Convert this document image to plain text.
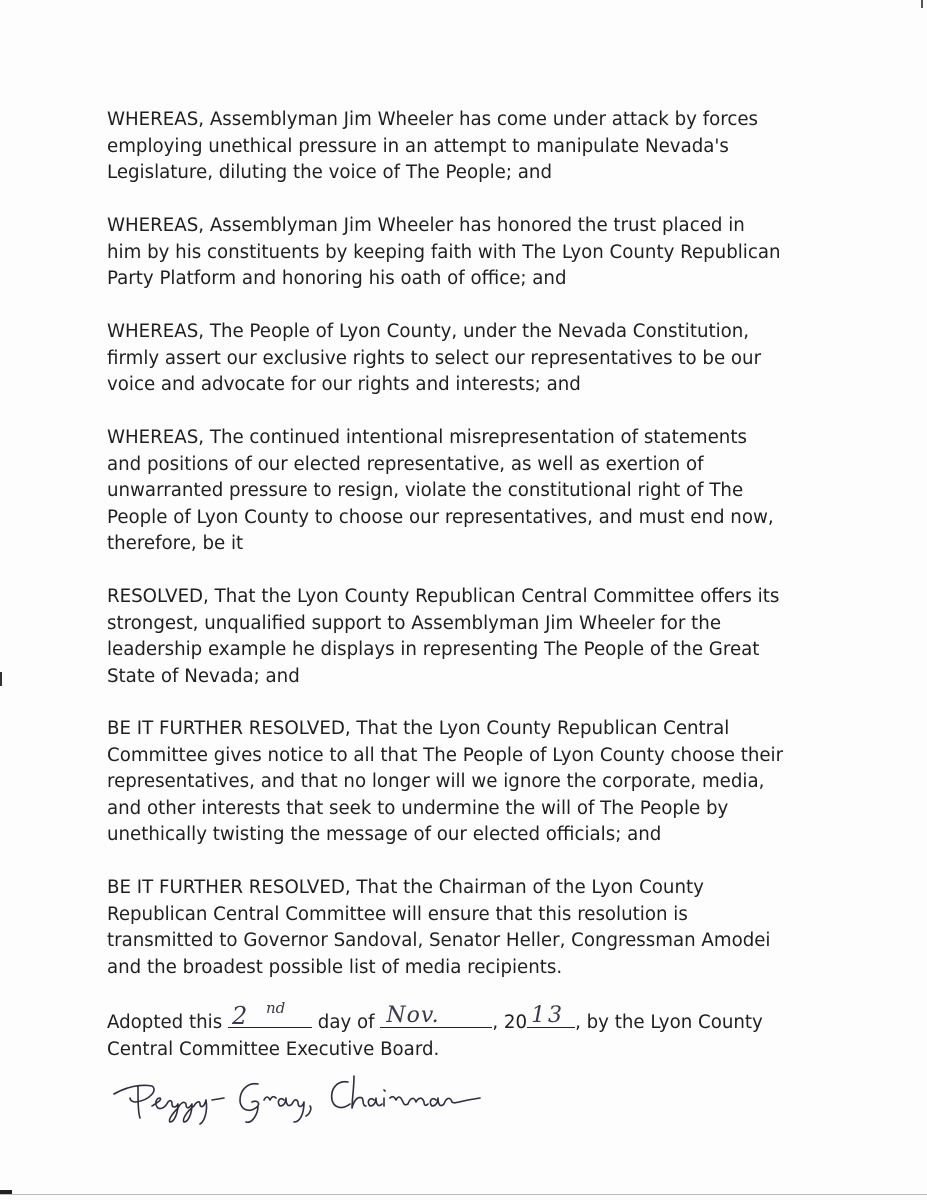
WHEREAS, Assemblyman Jim Wheeler has come under attack by forces
employing unethical pressure in an attempt to manipulate Nevada's
Legislature, diluting the voice of The People; and

WHEREAS, Assemblyman Jim Wheeler has honored the trust placed in
him by his constituents by keeping faith with The Lyon County Republican
Party Platform and honoring his oath of office; and

WHEREAS, The People of Lyon County, under the Nevada Constitution,
firmly assert our exclusive rights to select our representatives to be our
voice and advocate for our rights and interests; and

WHEREAS, The continued intentional misrepresentation of statements
and positions of our elected representative, as well as exertion of
unwarranted pressure to resign, violate the constitutional right of The
People of Lyon County to choose our representatives, and must end now,
therefore, be it

RESOLVED, That the Lyon County Republican Central Committee offers its
strongest, unqualified support to Assemblyman Jim Wheeler for the
leadership example he displays in representing The People of the Great
State of Nevada; and

BE IT FURTHER RESOLVED, That the Lyon County Republican Central
Committee gives notice to all that The People of Lyon County choose their
representatives, and that no longer will we ignore the corporate, media,
and other interests that seek to undermine the will of The People by
unethically twisting the message of our elected officials; and

BE IT FURTHER RESOLVED, That the Chairman of the Lyon County
Republican Central Committee will ensure that this resolution is
transmitted to Governor Sandoval, Senator Heller, Congressman Amodei
and the broadest possible list of media recipients.

Adopted this 2 nd
day of Nov.	, 20 13 , by the Lyon County
Central Committee Executive Board.
